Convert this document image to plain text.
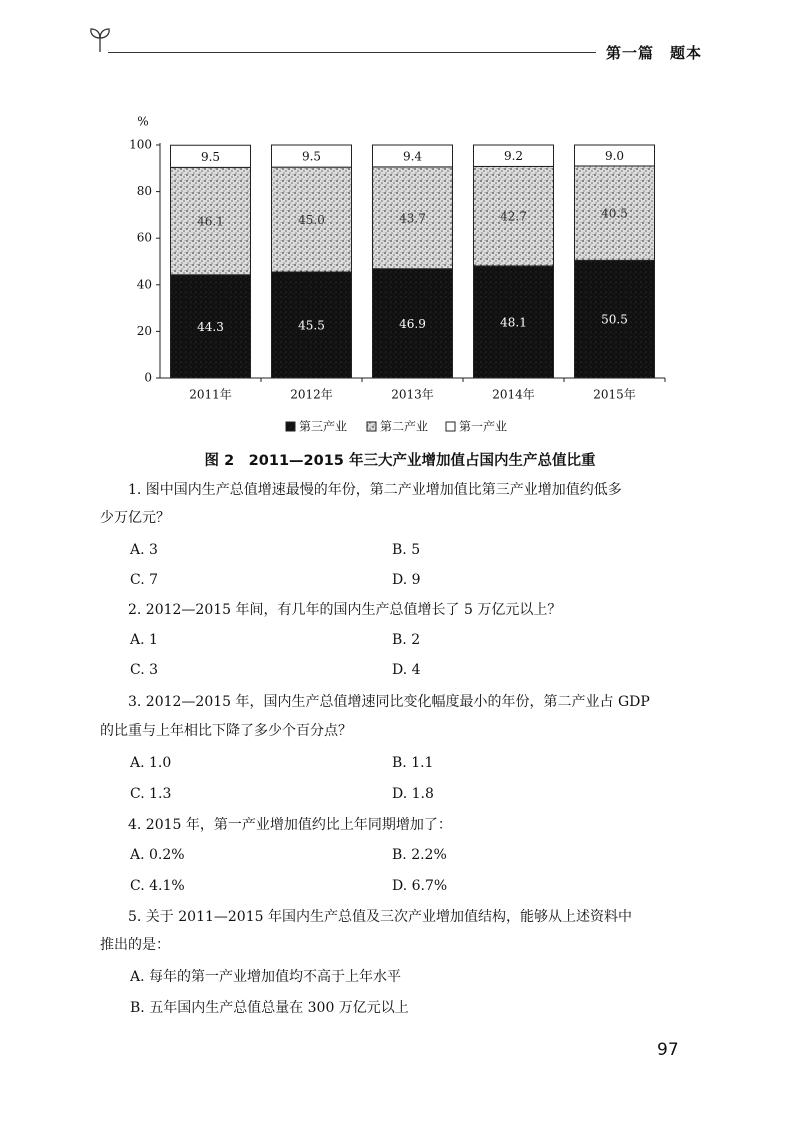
第一篇　题本
%
0
20
40
60
80
100
2011年
44.3
46.1
9.5
2012年
45.5
45.0
9.5
2013年
46.9
43.7
9.4
2014年
48.1
42.7
9.2
2015年
50.5
40.5
9.0
第三产业	第二产业	第一产业
图 2　2011—2015 年三大产业增加值占国内生产总值比重
1. 图中国内生产总值增速最慢的年份，第二产业增加值比第三产业增加值约低多
少万亿元？
A. 3	B. 5
C. 7	D. 9
2. 2012—2015 年间，有几年的国内生产总值增长了 5 万亿元以上？
A. 1	B. 2
C. 3	D. 4
3. 2012—2015 年，国内生产总值增速同比变化幅度最小的年份，第二产业占 GDP
的比重与上年相比下降了多少个百分点？
A. 1.0	B. 1.1
C. 1.3	D. 1.8
4. 2015 年，第一产业增加值约比上年同期增加了：
A. 0.2%	B. 2.2%
C. 4.1%	D. 6.7%
5. 关于 2011—2015 年国内生产总值及三次产业增加值结构，能够从上述资料中
推出的是：
A. 每年的第一产业增加值均不高于上年水平
B. 五年国内生产总值总量在 300 万亿元以上
97
